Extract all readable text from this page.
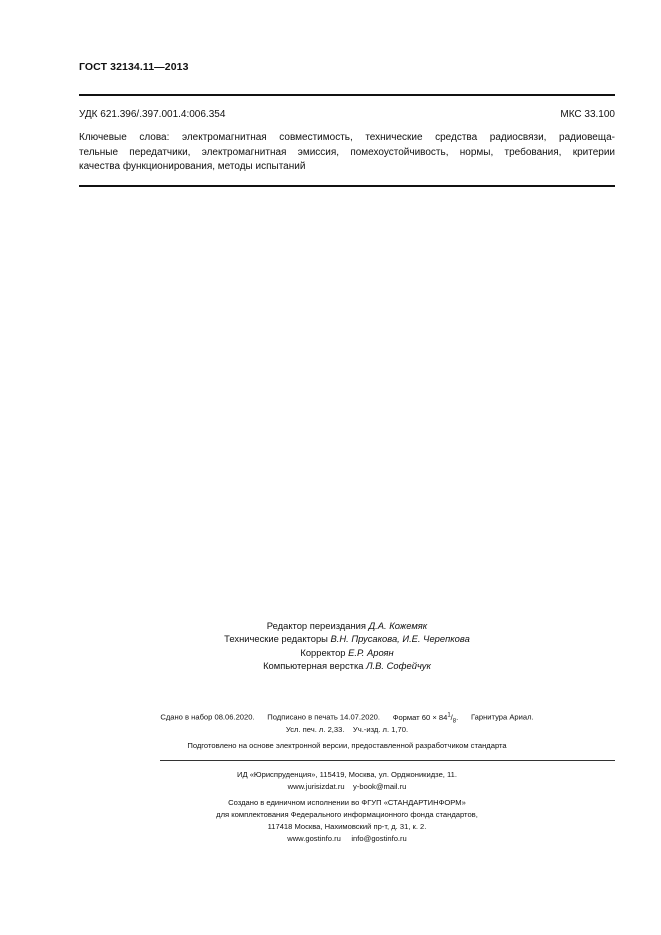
ГОСТ 32134.11—2013
УДК 621.396/.397.001.4:006.354	МКС 33.100
Ключевые слова: электромагнитная совместимость, технические средства радиосвязи, радиовеща-
тельные передатчики, электромагнитная эмиссия, помехоустойчивость, нормы, требования, критерии
качества функционирования, методы испытаний
Редактор переиздания Д.А. Кожемяк
Технические редакторы В.Н. Прусакова, И.Е. Черепкова
Корректор Е.Р. Ароян
Компьютерная верстка Л.В. Софейчук
Сдано в набор 08.06.2020. Подписано в печать 14.07.2020. Формат $60 \times 84^1/_8$. Гарнитура Ариал.
Усл. печ. л. 2,33. Уч.-изд. л. 1,70.
Подготовлено на основе электронной версии, предоставленной разработчиком стандарта
ИД «Юриспруденция», 115419, Москва, ул. Орджоникидзе, 11.
www.jurisizdat.ru    y-book@mail.ru
Создано в единичном исполнении во ФГУП «СТАНДАРТИНФОРМ»
для комплектования Федерального информационного фонда стандартов,
117418 Москва, Нахимовский пр-т, д. 31, к. 2.
www.gostinfo.ru     info@gostinfo.ru
